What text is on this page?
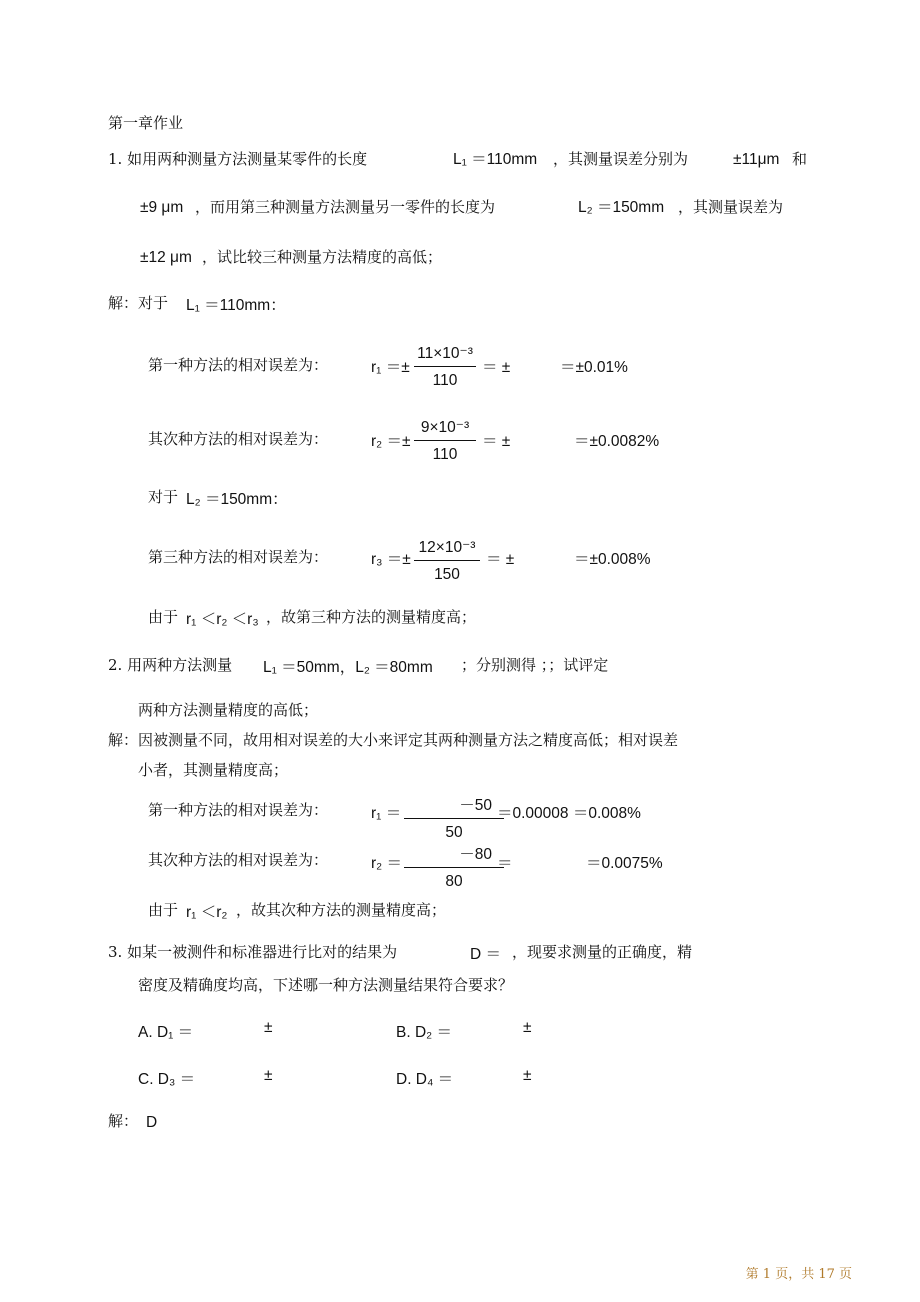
第一章作业
1. 如用两种测量方法测量某零件的长度	L₁ ＝110mm ，其测量误差分别为	±11μm 和
±9 μm ，而用第三种测量方法测量另一零件的长度为	L₂ ＝150mm ，其测量误差为
±12 μm ，试比较三种测量方法精度的高低；
解：对于 L₁ ＝110mm：
第一种方法的相对误差为：	r₁ ＝±
11×10⁻³
110
＝ ±	＝±0.01%
其次种方法的相对误差为：	r₂ ＝±
9×10⁻³
110
＝ ±	＝±0.0082%
对于 L₂ ＝150mm：
第三种方法的相对误差为：	r₃ ＝±
12×10⁻³
150
＝ ±	＝±0.008%
由于 r₁ ＜r₂ ＜r₃ ，故第三种方法的测量精度高；
2. 用两种方法测量 L₁ ＝50mm，L₂ ＝80mm ；分别测得 ；；试评定
两种方法测量精度的高低；
解：因被测量不同，故用相对误差的大小来评定其两种测量方法之精度高低；相对误差
小者，其测量精度高；
第一种方法的相对误差为：	r₁ ＝	－50
50
＝0.00008 ＝0.008%
其次种方法的相对误差为：	r₂ ＝
－80
80
＝	＝0.0075%
由于 r₁ ＜r₂ ，故其次种方法的测量精度高；
3. 如某一被测件和标准器进行比对的结果为	D ＝ ，现要求测量的正确度，精
密度及精确度均高，下述哪一种方法测量结果符合要求？
A. D₁ ＝	±	B. D₂ ＝	±
C. D₃ ＝	±	D. D₄ ＝	±
解： D
第 1 页，共 17 页
